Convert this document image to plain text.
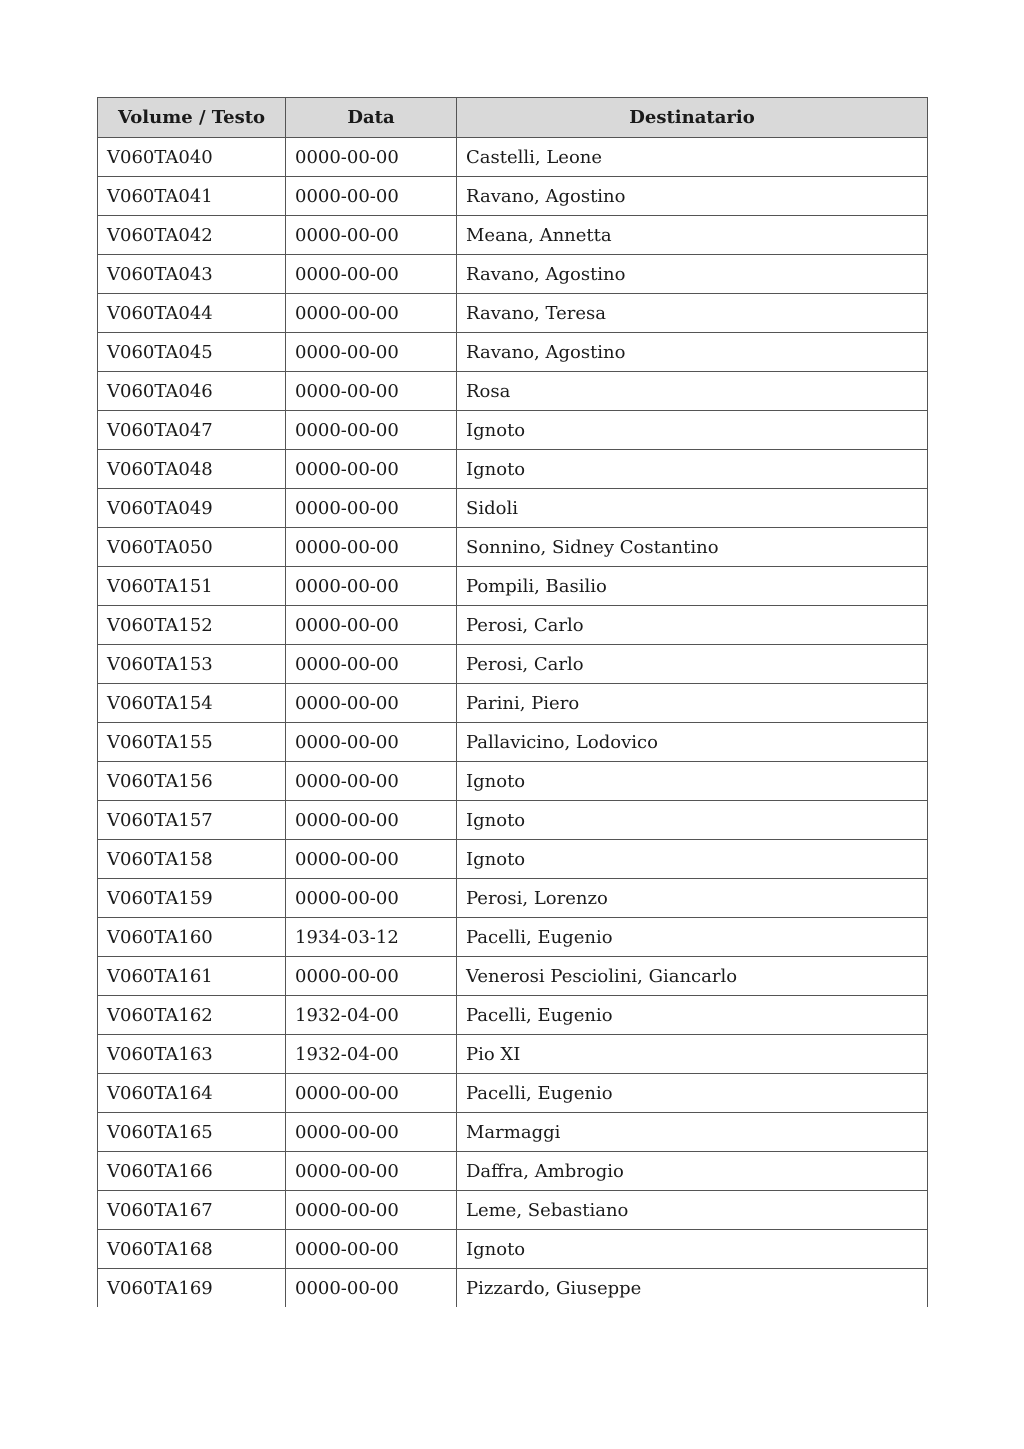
Volume / Testo	Data	Destinatario
V060TA040	0000-00-00	Castelli, Leone
V060TA041	0000-00-00	Ravano, Agostino
V060TA042	0000-00-00	Meana, Annetta
V060TA043	0000-00-00	Ravano, Agostino
V060TA044	0000-00-00	Ravano, Teresa
V060TA045	0000-00-00	Ravano, Agostino
V060TA046	0000-00-00	Rosa
V060TA047	0000-00-00	Ignoto
V060TA048	0000-00-00	Ignoto
V060TA049	0000-00-00	Sidoli
V060TA050	0000-00-00	Sonnino, Sidney Costantino
V060TA151	0000-00-00	Pompili, Basilio
V060TA152	0000-00-00	Perosi, Carlo
V060TA153	0000-00-00	Perosi, Carlo
V060TA154	0000-00-00	Parini, Piero
V060TA155	0000-00-00	Pallavicino, Lodovico
V060TA156	0000-00-00	Ignoto
V060TA157	0000-00-00	Ignoto
V060TA158	0000-00-00	Ignoto
V060TA159	0000-00-00	Perosi, Lorenzo
V060TA160	1934-03-12	Pacelli, Eugenio
V060TA161	0000-00-00	Venerosi Pesciolini, Giancarlo
V060TA162	1932-04-00	Pacelli, Eugenio
V060TA163	1932-04-00	Pio XI
V060TA164	0000-00-00	Pacelli, Eugenio
V060TA165	0000-00-00	Marmaggi
V060TA166	0000-00-00	Daffra, Ambrogio
V060TA167	0000-00-00	Leme, Sebastiano
V060TA168	0000-00-00	Ignoto
V060TA169	0000-00-00	Pizzardo, Giuseppe
